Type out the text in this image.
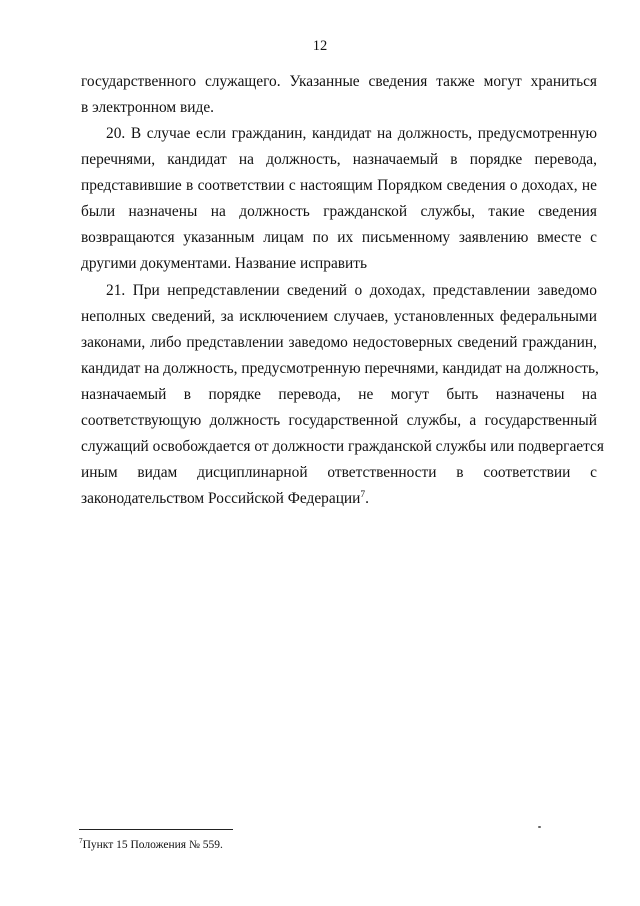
12
государственного служащего. Указанные сведения также могут храниться
в электронном виде.
20. В случае если гражданин, кандидат на должность, предусмотренную
перечнями, кандидат на должность, назначаемый в порядке перевода,
представившие в соответствии с настоящим Порядком сведения о доходах, не
были назначены на должность гражданской службы, такие сведения
возвращаются указанным лицам по их письменному заявлению вместе с
другими документами. Название исправить
21. При непредставлении сведений о доходах, представлении заведомо
неполных сведений, за исключением случаев, установленных федеральными
законами, либо представлении заведомо недостоверных сведений гражданин,
кандидат на должность, предусмотренную перечнями, кандидат на должность,
назначаемый в порядке перевода, не могут быть назначены на
соответствующую должность государственной службы, а государственный
служащий освобождается от должности гражданской службы или подвергается
иным видам дисциплинарной ответственности в соответствии с
законодательством Российской Федерации$^7$.
$^7$Пункт 15 Положения № 559.
